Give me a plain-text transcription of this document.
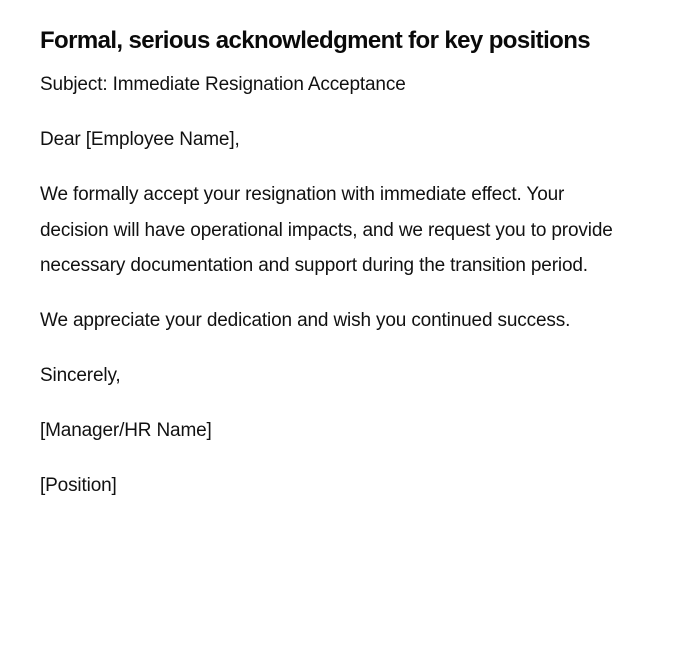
Formal, serious acknowledgment for key positions

Subject: Immediate Resignation Acceptance

Dear [Employee Name],

We formally accept your resignation with immediate effect. Your decision will have operational impacts, and we request you to provide necessary documentation and support during the transition period.

We appreciate your dedication and wish you continued success.

Sincerely,

[Manager/HR Name]

[Position]
